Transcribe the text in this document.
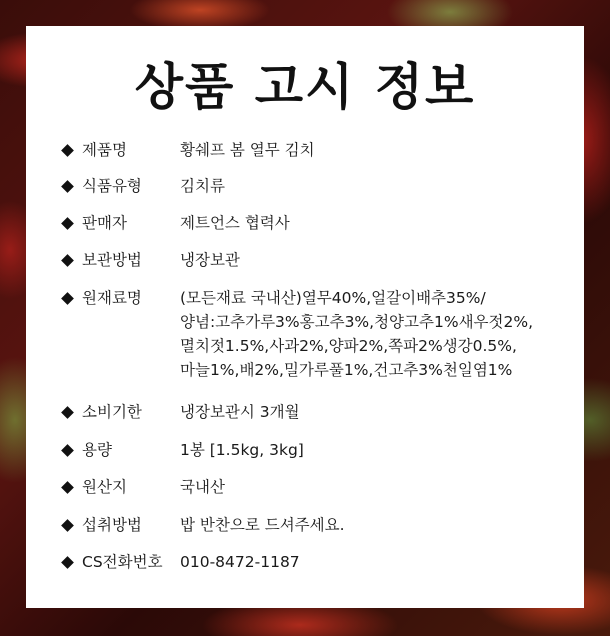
상품 고시 정보
제품명	황쉐프 봄 열무 김치
식품유형 김치류
판매자	제트언스 협력사
보관방법 냉장보관
원재료명 (모든재료 국내산)열무40%,얼갈이배추35%/
양념:고추가루3%홍고추3%,청양고추1%새우젓2%,
멸치젓1.5%,사과2%,양파2%,쪽파2%생강0.5%,
마늘1%,배2%,밀가루풀1%,건고추3%천일염1%
소비기한 냉장보관시 3개월
용량	1봉 [1.5kg, 3kg]
원산지	국내산
섭취방법 밥 반찬으로 드셔주세요.
CS전화번호 010-8472-1187
